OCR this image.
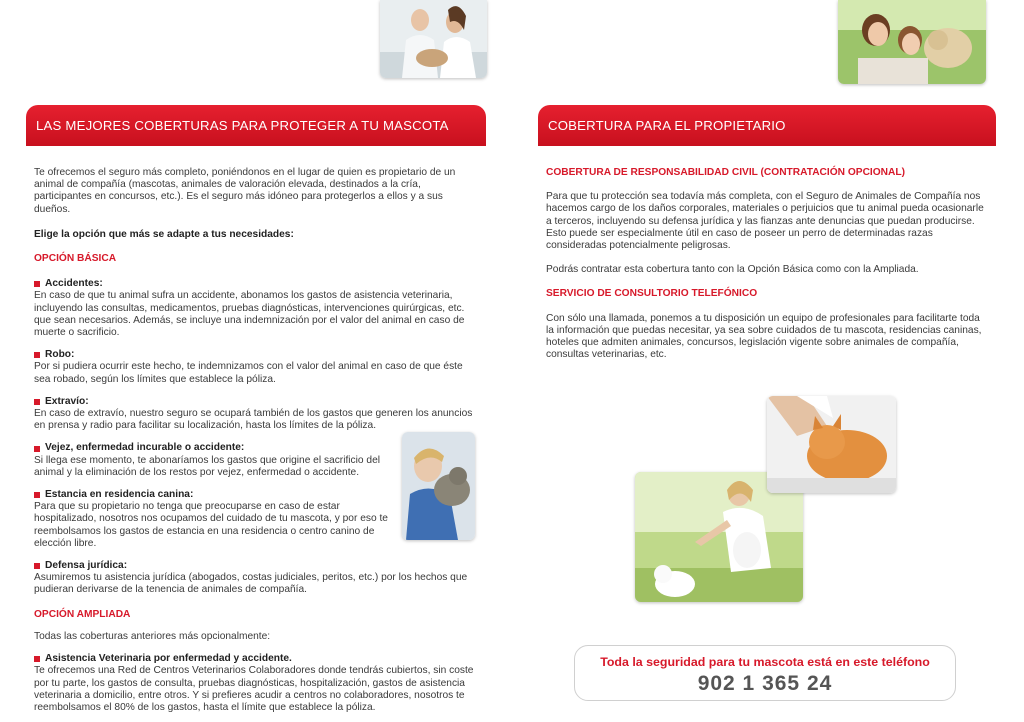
LAS MEJORES COBERTURAS PARA PROTEGER A TU MASCOTA	COBERTURA PARA EL PROPIETARIO

Te ofrecemos el seguro más completo, poniéndonos en el lugar de quien es propietario de un animal de compañía (mascotas, animales de valoración elevada, destinados a la cría, participantes en concursos, etc.). Es el seguro más idóneo para protegerlos a ellos y a sus dueños.

Elige la opción que más se adapte a tus necesidades:

OPCIÓN BÁSICA

Accidentes:

En caso de que tu animal sufra un accidente, abonamos los gastos de asistencia veterinaria, incluyendo las consultas, medicamentos, pruebas diagnósticas, intervenciones quirúrgicas, etc. que sean necesarios. Además, se incluye una indemnización por el valor del animal en caso de muerte o sacrificio.

Robo:

Por si pudiera ocurrir este hecho, te indemnizamos con el valor del animal en caso de que éste sea robado, según los límites que establece la póliza.

Extravío:

En caso de extravío, nuestro seguro se ocupará también de los gastos que generen los anuncios en prensa y radio para facilitar su localización, hasta los límites de la póliza.

Vejez, enfermedad incurable o accidente:

Si llega ese momento, te abonaríamos los gastos que origine el sacrificio del animal y la eliminación de los restos por vejez, enfermedad o accidente.

Estancia en residencia canina:

Para que su propietario no tenga que preocuparse en caso de estar hospitalizado, nosotros nos ocupamos del cuidado de tu mascota, y por eso te reembolsamos los gastos de estancia en una residencia o centro canino de elección libre.

Defensa jurídica:

Asumiremos tu asistencia jurídica (abogados, costas judiciales, peritos, etc.) por los hechos que pudieran derivarse de la tenencia de animales de compañía.

OPCIÓN AMPLIADA

Todas las coberturas anteriores más opcionalmente:

Asistencia Veterinaria por enfermedad y accidente.

Te ofrecemos una Red de Centros Veterinarios Colaboradores donde tendrás cubiertos, sin coste por tu parte, los gastos de consulta, pruebas diagnósticas, hospitalización, gastos de asistencia veterinaria a domicilio, entre otros. Y si prefieres acudir a centros no colaboradores, nosotros te reembolsamos el 80% de los gastos, hasta el límite que establece la póliza.

COBERTURA DE RESPONSABILIDAD CIVIL (CONTRATACIÓN OPCIONAL)

Para que tu protección sea todavía más completa, con el Seguro de Animales de Compañía nos hacemos cargo de los daños corporales, materiales o perjuicios que tu animal pueda ocasionarle a terceros, incluyendo su defensa jurídica y las fianzas ante denuncias que puedan producirse. Esto puede ser especialmente útil en caso de poseer un perro de determinadas razas consideradas potencialmente peligrosas.

Podrás contratar esta cobertura tanto con la Opción Básica como con la Ampliada.

SERVICIO DE CONSULTORIO TELEFÓNICO

Con sólo una llamada, ponemos a tu disposición un equipo de profesionales para facilitarte toda la información que puedas necesitar, ya sea sobre cuidados de tu mascota, residencias caninas, hoteles que admiten animales, concursos, legislación vigente sobre animales de compañía, consultas veterinarias, etc.

Toda la seguridad para tu mascota está en este teléfono

902 1 365 24
